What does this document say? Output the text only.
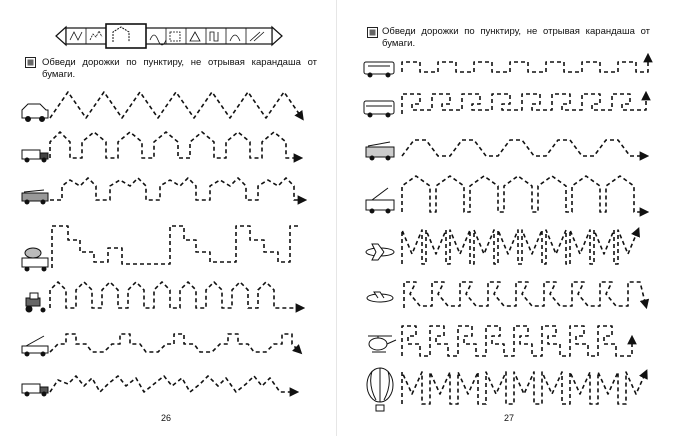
Обведи дорожки по пунктиру, не отрывая карандаша от бумаги.
Обведи дорожки по пунктиру, не отрывая карандаша от бумаги.
26	27
